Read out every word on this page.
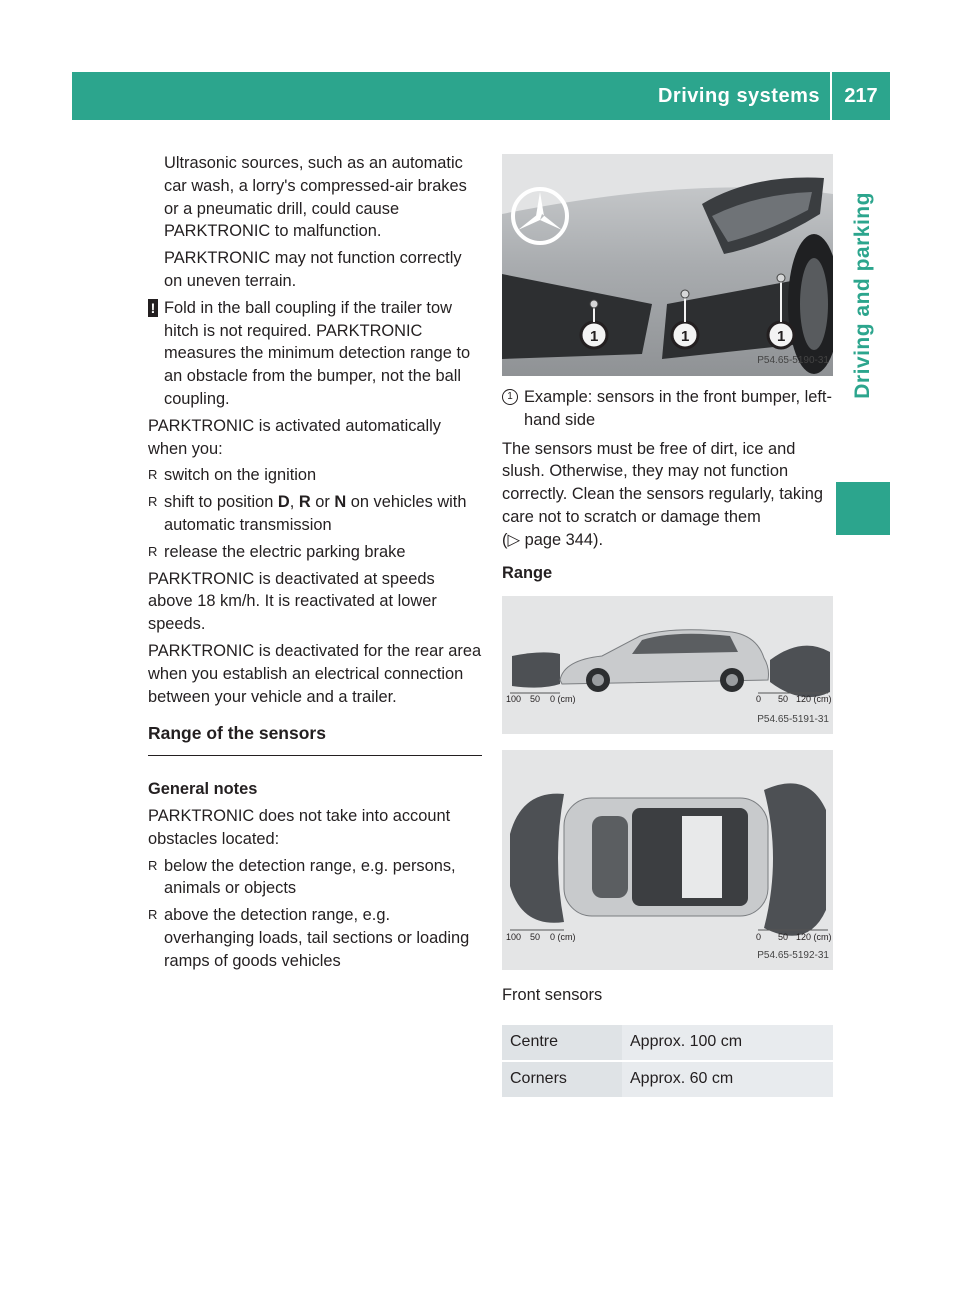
Driving systems	217
Driving and parking

Ultrasonic sources, such as an automatic car wash, a lorry's compressed-air brakes or a pneumatic drill, could cause PARKTRONIC to malfunction.

PARKTRONIC may not function correctly on uneven terrain.

! Fold in the ball coupling if the trailer tow hitch is not required. PARKTRONIC measures the minimum detection range to an obstacle from the bumper, not the ball coupling.

PARKTRONIC is activated automatically when you:

R switch on the ignition
R shift to position D, R or N on vehicles with automatic transmission
R release the electric parking brake

PARKTRONIC is deactivated at speeds above 18 km/h. It is reactivated at lower speeds.

PARKTRONIC is deactivated for the rear area when you establish an electrical connection between your vehicle and a trailer.

Range of the sensors
General notes

PARKTRONIC does not take into account obstacles located:

R below the detection range, e.g. persons, animals or objects
R above the detection range, e.g. overhanging loads, tail sections or loading ramps of goods vehicles
1	1	1
P54.65-5190-31
1 Example: sensors in the front bumper, left-hand side

The sensors must be free of dirt, ice and slush. Otherwise, they may not function correctly. Clean the sensors regularly, taking care not to scratch or damage them
(▷ page 344).

Range
100 50 0 (cm)	0 50 120 (cm)
P54.65-5191-31
100 50 0 (cm)	0 50 120 (cm)
P54.65-5192-31

Front sensors

Centre	Approx. 100 cm
Corners	Approx. 60 cm
